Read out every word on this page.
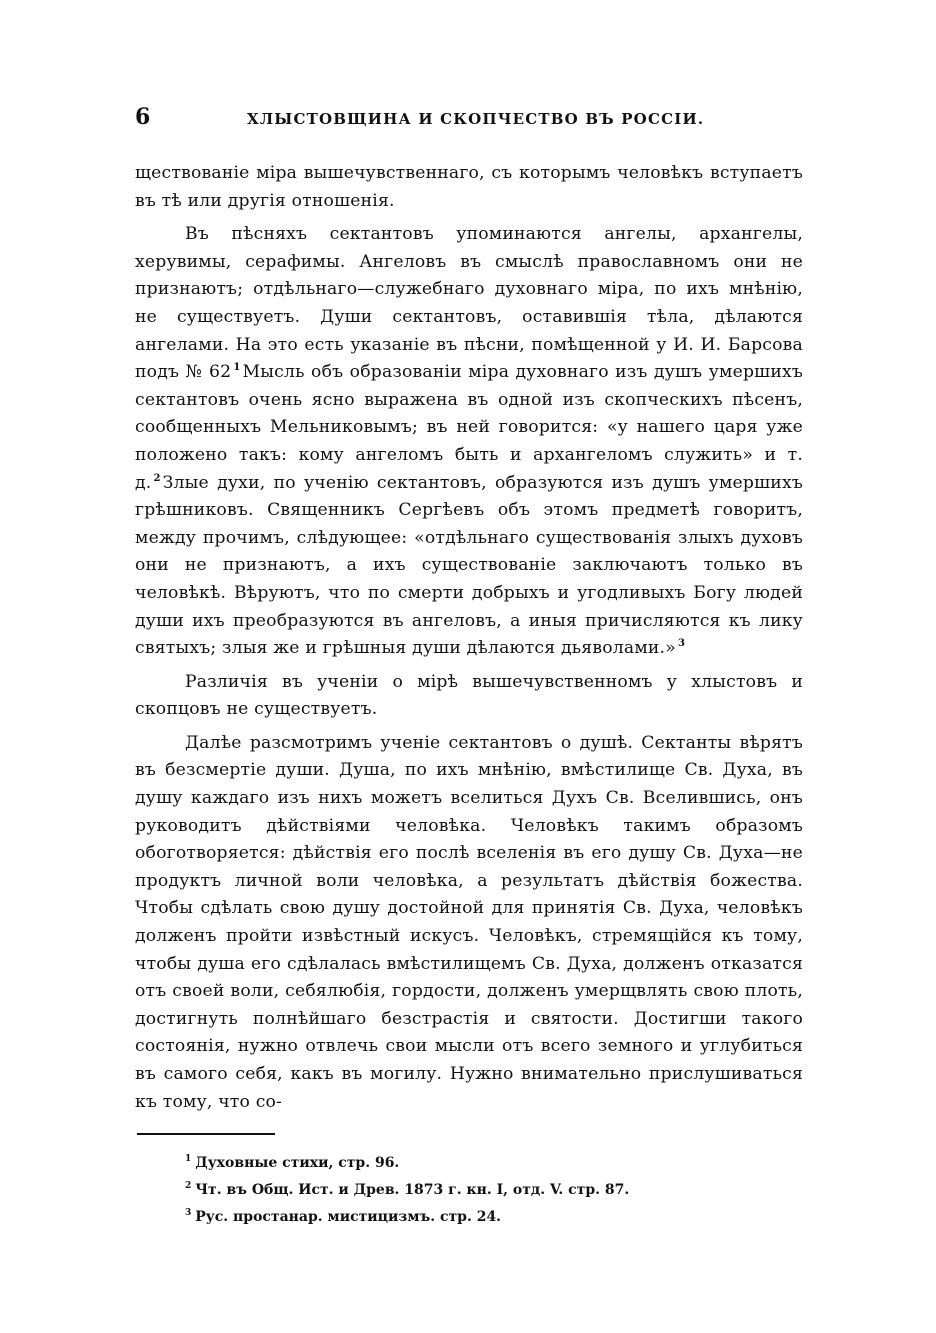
6	ХЛЫСТОВЩИНА И СКОПЧЕСТВО ВЪ РОССІИ.

ществованіе міра вышечувственнаго, съ которымъ человѣкъ вступаетъ въ тѣ или другія отношенія.

Въ пѣсняхъ сектантовъ упоминаются ангелы, архангелы, херувимы, серафимы. Ангеловъ въ смыслѣ православномъ они не признаютъ; отдѣльнаго—служебнаго духовнаго міра, по ихъ мнѣнію, не существуетъ. Души сектантовъ, оставившія тѣла, дѣлаются ангелами. На это есть указаніе въ пѣсни, помѣщенной у И. И. Барсова подъ № 62 $^1$ Мысль объ образованіи міра духовнаго изъ душъ умершихъ сектантовъ очень ясно выражена въ одной изъ скопческихъ пѣсенъ, сообщенныхъ Мельниковымъ; въ ней говорится: «у нашего царя уже положено такъ: кому ангеломъ быть и архангеломъ служить» и т. д. $^2$ Злые духи, по ученію сектантовъ, образуются изъ душъ умершихъ грѣшниковъ. Священникъ Сергѣевъ объ этомъ предметѣ говоритъ, между прочимъ, слѣдующее: «отдѣльнаго существованія злыхъ духовъ они не признаютъ, а ихъ существованіе заключаютъ только въ человѣкѣ. Вѣруютъ, что по смерти добрыхъ и угодливыхъ Богу людей души ихъ преобразуются въ ангеловъ, а иныя причисляются къ лику святыхъ; злыя же и грѣшныя души дѣлаются дьяволами.» $^3$

Различія въ ученіи о мірѣ вышечувственномъ у хлыстовъ и скопцовъ не существуетъ.

Далѣе разсмотримъ ученіе сектантовъ о душѣ. Сектанты вѣрятъ въ безсмертіе души. Душа, по ихъ мнѣнію, вмѣстилище Св. Духа, въ душу каждаго изъ нихъ можетъ вселиться Духъ Св. Вселившись, онъ руководитъ дѣйствіями человѣка. Человѣкъ такимъ образомъ обоготворяется: дѣйствія его послѣ вселенія въ его душу Св. Духа—не продуктъ личной воли человѣка, а результатъ дѣйствія божества. Чтобы сдѣлать свою душу достойной для принятія Св. Духа, человѣкъ долженъ пройти извѣстный искусъ. Человѣкъ, стремящійся къ тому, чтобы душа его сдѣлалась вмѣстилищемъ Св. Духа, долженъ отказатся отъ своей воли, себялюбія, гордости, долженъ умерщвлять свою плоть, достигнуть полнѣйшаго безстрастія и святости. Достигши такого состоянія, нужно отвлечь свои мысли отъ всего земного и углубиться въ самого себя, какъ въ могилу. Нужно внимательно прислушиваться къ тому, что со-

$^1$ Духовные стихи, стр. 96.
$^2$ Чт. въ Общ. Ист. и Древ. 1873 г. кн. I, отд. V. стр. 87.
$^3$ Рус. простанар. мистицизмъ. стр. 24.
